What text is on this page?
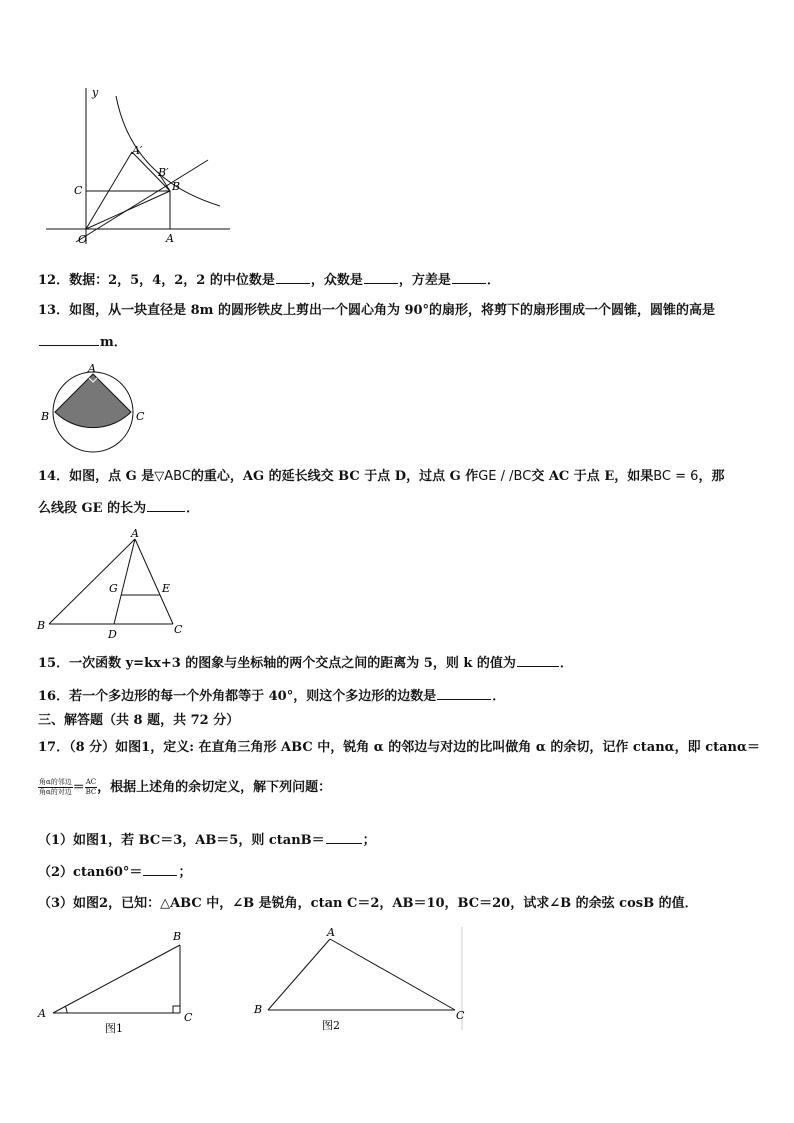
y
A′
B′
C	B
O	A
12．数据：2，5，4，2，2 的中位数是	，众数是	，方差是	．
13．如图，从一块直径是 8m 的圆形铁皮上剪出一个圆心角为 90°的扇形，将剪下的扇形围成一个圆锥，圆锥的高是
m．
A
B	C
14．如图，点 G 是▽ABC的重心，AG 的延长线交 BC 于点 D，过点 G 作GE / /BC交 AC 于点 E，如果BC = 6，那
么线段 GE 的长为	．
A
G	E
B
D	C
15．一次函数 y=kx+3 的图象与坐标轴的两个交点之间的距离为 5，则 k 的值为	．
16．若一个多边形的每一个外角都等于 40°，则这个多边形的边数是	．
三、解答题（共 8 题，共 72 分）
17．（8 分）如图1，定义: 在直角三角形 ABC 中，锐角 α 的邻边与对边的比叫做角 α 的余切，记作 ctanα，即 ctanα＝
$\frac{\text{角α的邻边}}{\text{角α的对边}} = \frac{AC}{BC}$ ，根据上述角的余切定义，解下列问题：
（1）如图1，若 BC＝3，AB＝5，则 ctanB＝	；
（2）ctan60°＝	；
（3）如图2，已知：△ABC 中，∠B 是锐角，ctan C＝2，AB＝10，BC＝20，试求∠B 的余弦 cosB 的值．
A
B
C
图1
A
B	C
图2
